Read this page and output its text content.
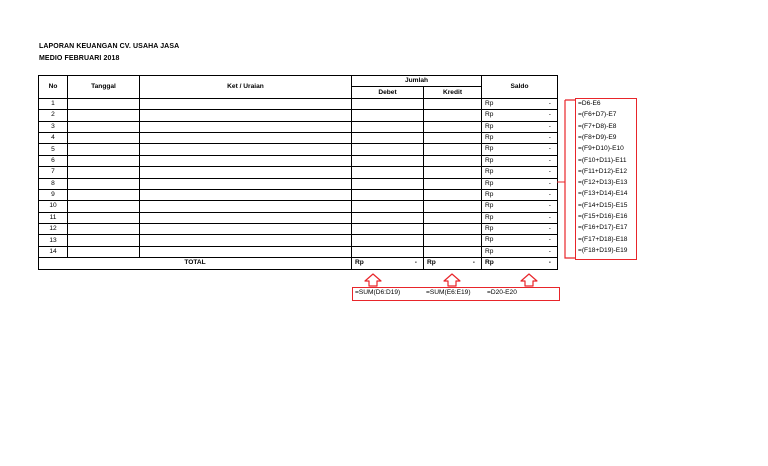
LAPORAN KEUANGAN CV. USAHA JASA
MEDIO FEBRUARI 2018
No	Tanggal	Ket / Uraian	Jumlah		Saldo
			Debet	Kredit	
1					Rp -

2					Rp -

3					Rp -

4					Rp -

5					Rp -

6					Rp -

7					Rp -

8					Rp -

9					Rp -

10					Rp -

11					Rp -

12					Rp -

13					Rp -

14					Rp -

TOTAL			Rp -	Rp -	Rp -
=D6-E6
=(F6+D7)-E7
=(F7+D8)-E8
=(F8+D9)-E9
=(F9+D10)-E10
=(F10+D11)-E11
=(F11+D12)-E12
=(F12+D13)-E13
=(F13+D14)-E14
=(F14+D15)-E15
=(F15+D16)-E16
=(F16+D17)-E17
=(F17+D18)-E18
=(F18+D19)-E19
=SUM(D6:D19)	=SUM(E6:E19) =D20-E20
